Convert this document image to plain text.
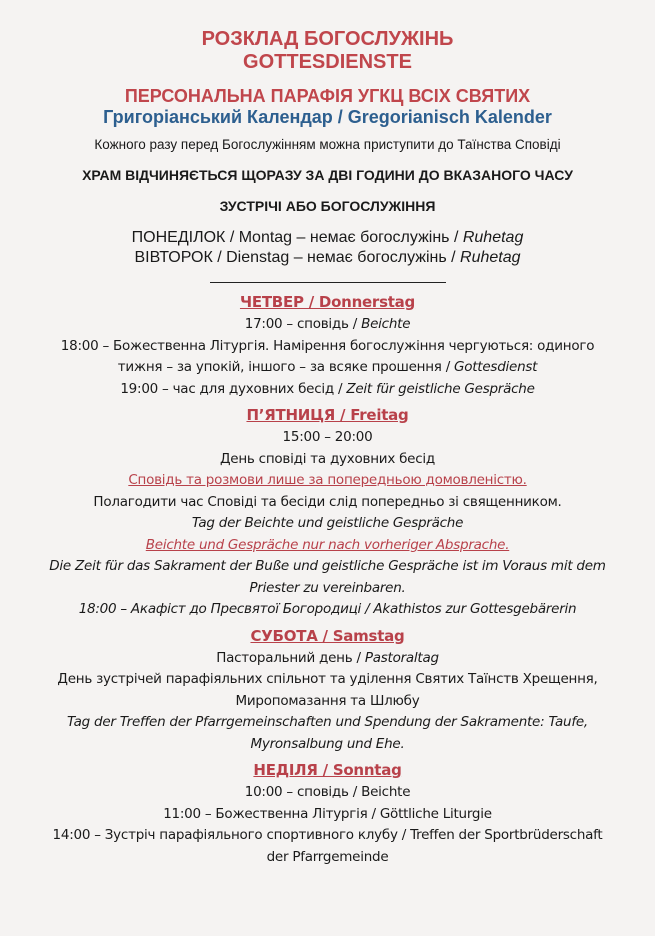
РОЗКЛАД БОГОСЛУЖІНЬ

GOTTESDIENSTE

ПЕРСОНАЛЬНА ПАРАФІЯ УГКЦ ВСІХ СВЯТИХ

Григоріанський Календар / Gregorianisch Kalender

Кожного разу перед Богослужінням можна приступити до Таїнства Сповіді

ХРАМ ВІДЧИНЯЄТЬСЯ ЩОРАЗУ ЗА ДВІ ГОДИНИ ДО ВКАЗАНОГО ЧАСУ

ЗУСТРІЧІ АБО БОГОСЛУЖІННЯ

ПОНЕДІЛОК / Montag – немає богослужінь / Ruhetag

ВІВТОРОК / Dienstag – немає богослужінь / Ruhetag

ЧЕТВЕР / Donnerstag

17:00 – сповідь / Beichte

18:00 – Божественна Літургія. Намірення богослужіння чергуються: одиного

тижня – за упокій, іншого – за всяке прошення / Gottesdienst

19:00 – час для духовних бесід / Zeit für geistliche Gespräche

П’ЯТНИЦЯ / Freitag

15:00 – 20:00

День сповіді та духовних бесід

Сповідь та розмови лише за попередньою домовленістю.

Полагодити час Сповіді та бесіди слід попередньо зі священником.

Tag der Beichte und geistliche Gespräche

Beichte und Gespräche nur nach vorheriger Absprache.

Die Zeit für das Sakrament der Buße und geistliche Gespräche ist im Voraus mit dem

Priester zu vereinbaren.

18:00 – Акафіст до Пресвятої Богородиці / Akathistos zur Gottesgebärerin

СУБОТА / Samstag

Пасторальний день / Pastoraltag

День зустрічей парафіяльних спільнот та уділення Святих Таїнств Хрещення,

Миропомазання та Шлюбу

Tag der Treffen der Pfarrgemeinschaften und Spendung der Sakramente: Taufe,

Myronsalbung und Ehe.

НЕДІЛЯ / Sonntag

10:00 – сповідь / Beichte

11:00 – Божественна Літургія / Göttliche Liturgie

14:00 – Зустріч парафіяльного спортивного клубу / Treffen der Sportbrüderschaft

der Pfarrgemeinde
